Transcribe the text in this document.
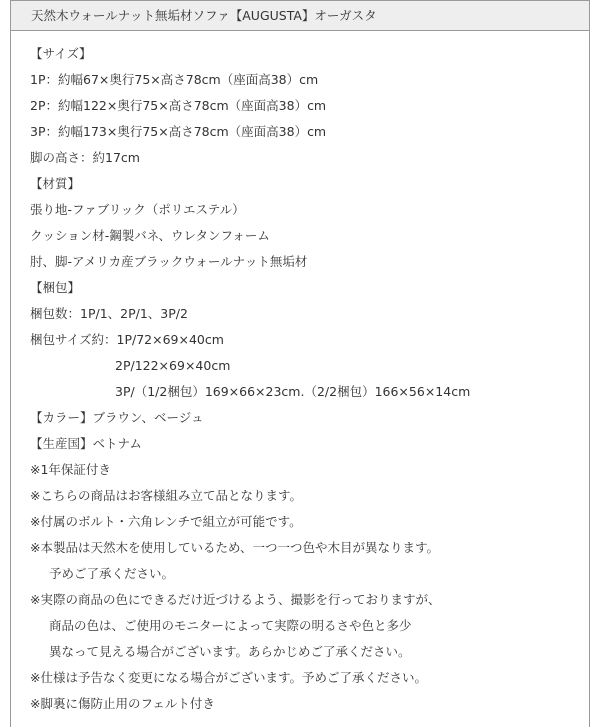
天然木ウォールナット無垢材ソファ【AUGUSTA】オーガスタ
【サイズ】
1P：約幅67×奥行75×高さ78cm（座面高38）cm
2P：約幅122×奥行75×高さ78cm（座面高38）cm
3P：約幅173×奥行75×高さ78cm（座面高38）cm
脚の高さ：約17cm
【材質】
張り地-ファブリック（ポリエステル）
クッション材-鋼製バネ、ウレタンフォーム
肘、脚-アメリカ産ブラックウォールナット無垢材
【梱包】
梱包数：1P/1、2P/1、3P/2
梱包サイズ約：1P/72×69×40cm
2P/122×69×40cm
3P/（1/2梱包）169×66×23cm.（2/2梱包）166×56×14cm
【カラー】ブラウン、ベージュ
【生産国】ベトナム
※1年保証付き
※こちらの商品はお客様組み立て品となります。
※付属のボルト・六角レンチで組立が可能です。
※本製品は天然木を使用しているため、一つ一つ色や木目が異なります。
予めご了承ください。
※実際の商品の色にできるだけ近づけるよう、撮影を行っておりますが、
商品の色は、ご使用のモニターによって実際の明るさや色と多少
異なって見える場合がございます。あらかじめご了承ください。
※仕様は予告なく変更になる場合がございます。予めご了承ください。
※脚裏に傷防止用のフェルト付き
